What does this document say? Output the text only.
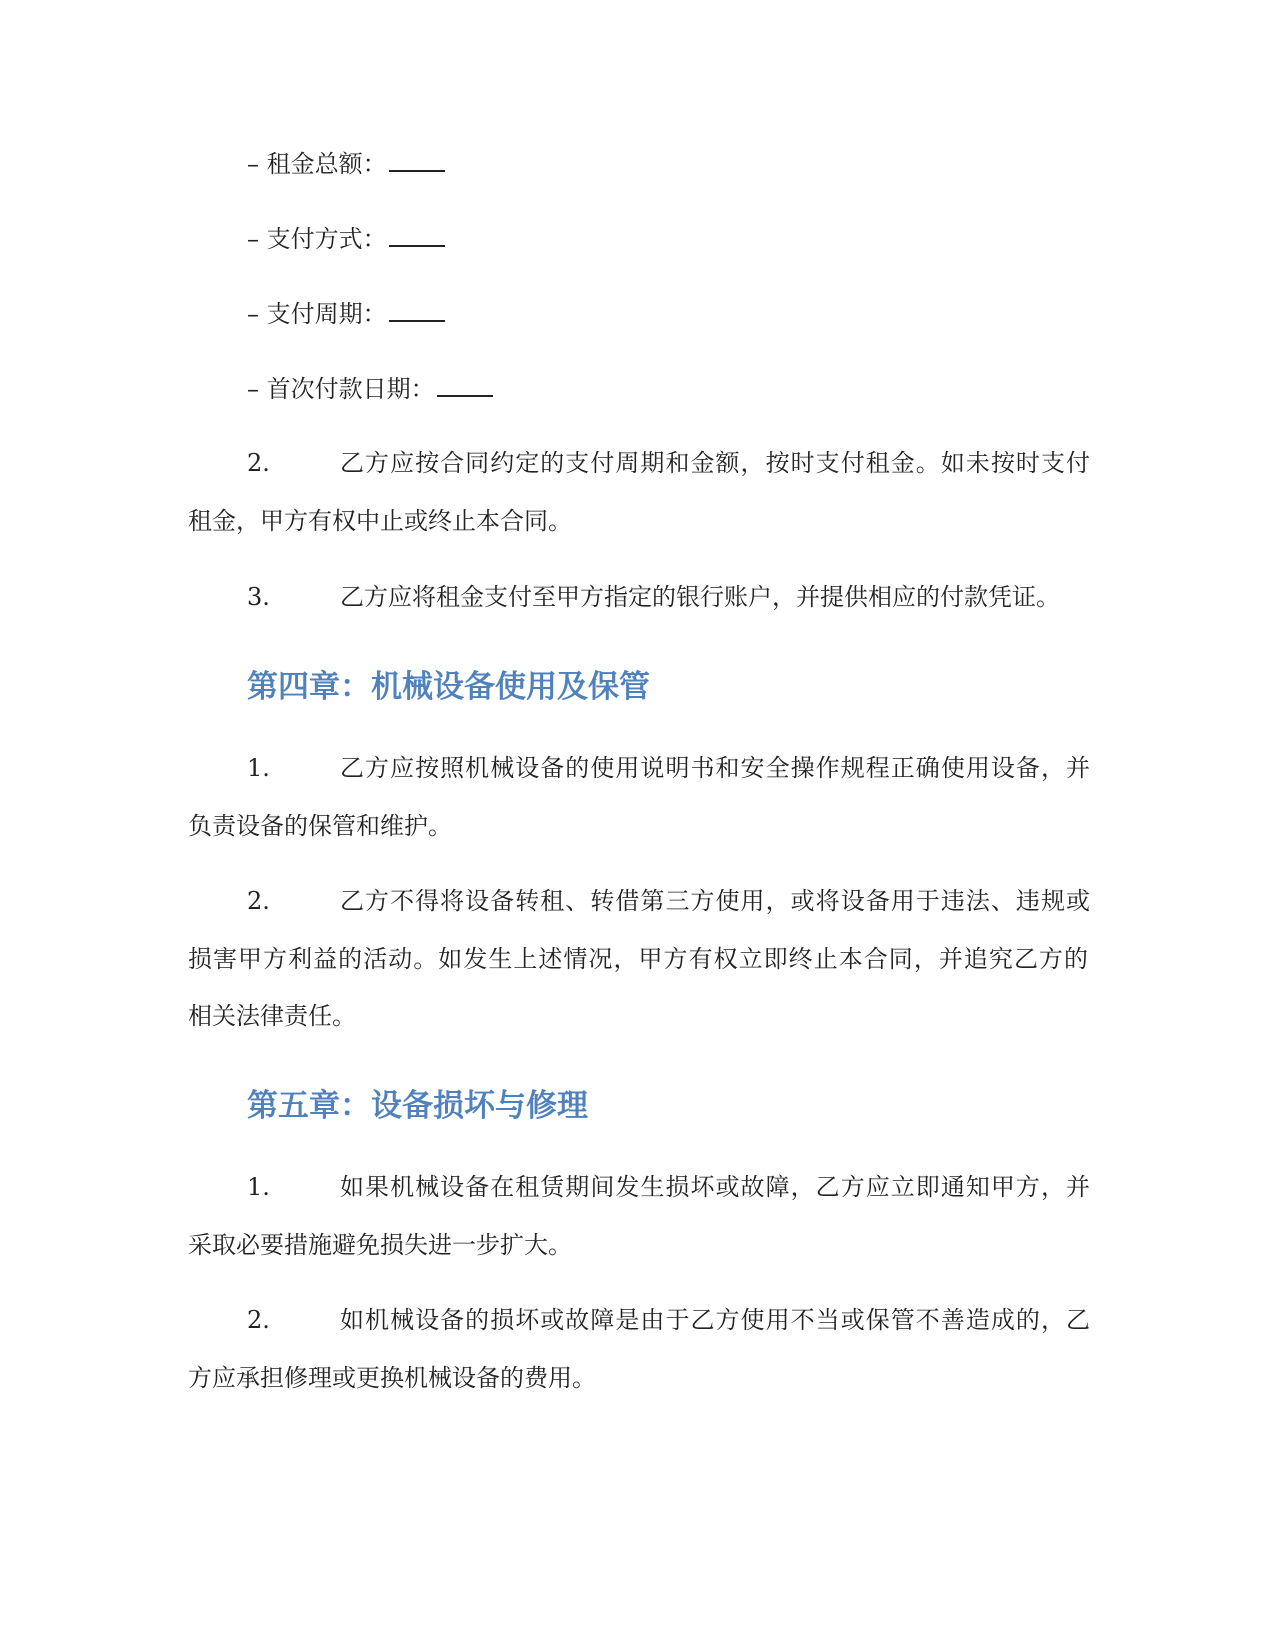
– 租金总额：
– 支付方式：
– 支付周期：
– 首次付款日期：
2.	乙方应按合同约定的支付周期和金额，按时支付租金。如未按时支付
租金，甲方有权中止或终止本合同。
3.	乙方应将租金支付至甲方指定的银行账户，并提供相应的付款凭证。
第四章：机械设备使用及保管
1.	乙方应按照机械设备的使用说明书和安全操作规程正确使用设备，并
负责设备的保管和维护。
2.	乙方不得将设备转租、转借第三方使用，或将设备用于违法、违规或
损害甲方利益的活动。如发生上述情况，甲方有权立即终止本合同，并追究乙方的
相关法律责任。
第五章：设备损坏与修理
1.	如果机械设备在租赁期间发生损坏或故障，乙方应立即通知甲方，并
采取必要措施避免损失进一步扩大。
2.	如机械设备的损坏或故障是由于乙方使用不当或保管不善造成的，乙
方应承担修理或更换机械设备的费用。
